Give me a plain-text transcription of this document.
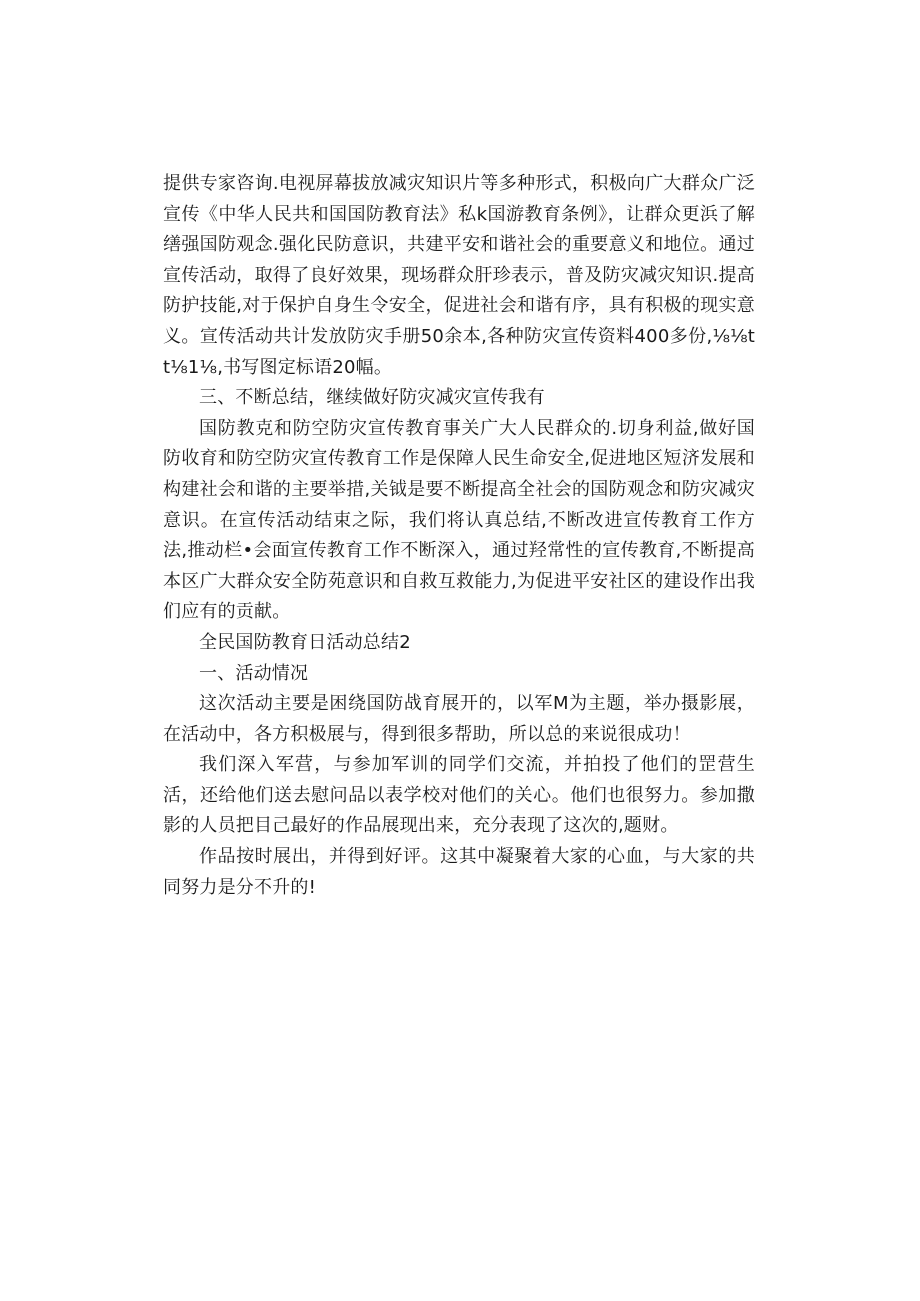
提供专家咨询.电视屏幕拔放减灾知识片等多种形式，积极向广大群众广泛宣传《中华人民共和国国防教育法》私k国游教育条例》，让群众更浜了解缮强国防观念.强化民防意识，共建平安和谐社会的重要意义和地位。通过宣传活动，取得了良好效果，现场群众肝珍表示，普及防灾减灾知识.提高防护技能,对于保护自身生令安全，促进社会和谐有序，具有积极的现实意义。宣传活动共计发放防灾手册50余本,各种防灾宣传资料400多份,⅛⅛tt⅛1⅛,书写图定标语20幅。

三、不断总结，继续做好防灾减灾宣传我有

国防教克和防空防灾宣传教育事关广大人民群众的.切身利益,做好国防收育和防空防灾宣传教育工作是保障人民生命安全,促进地区短济发展和构建社会和谐的主要举措,关钺是要不断提高全社会的国防观念和防灾减灾意识。在宣传活动结束之际，我们将认真总结,不断改进宣传教育工作方法,推动栏•会面宣传教育工作不断深入，通过羟常性的宣传教育,不断提高本区广大群众安全防苑意识和自救互救能力,为促进平安社区的建设作出我们应有的贡献。

全民国防教育日活动总结2

一、活动情况

这次活动主要是困绕国防战育展开的，以军M为主题，举办摄影展，在活动中，各方积极展与，得到很多帮助，所以总的来说很成功！

我们深入军营，与参加军训的同学们交流，并拍投了他们的罡营生活，还给他们送去慰问品以表学校对他们的关心。他们也很努力。参加撒影的人员把目己最好的作品展现出来，充分表现了这次的,题财。

作品按时展出，并得到好评。这其中凝聚着大家的心血，与大家的共同努力是分不升的!
